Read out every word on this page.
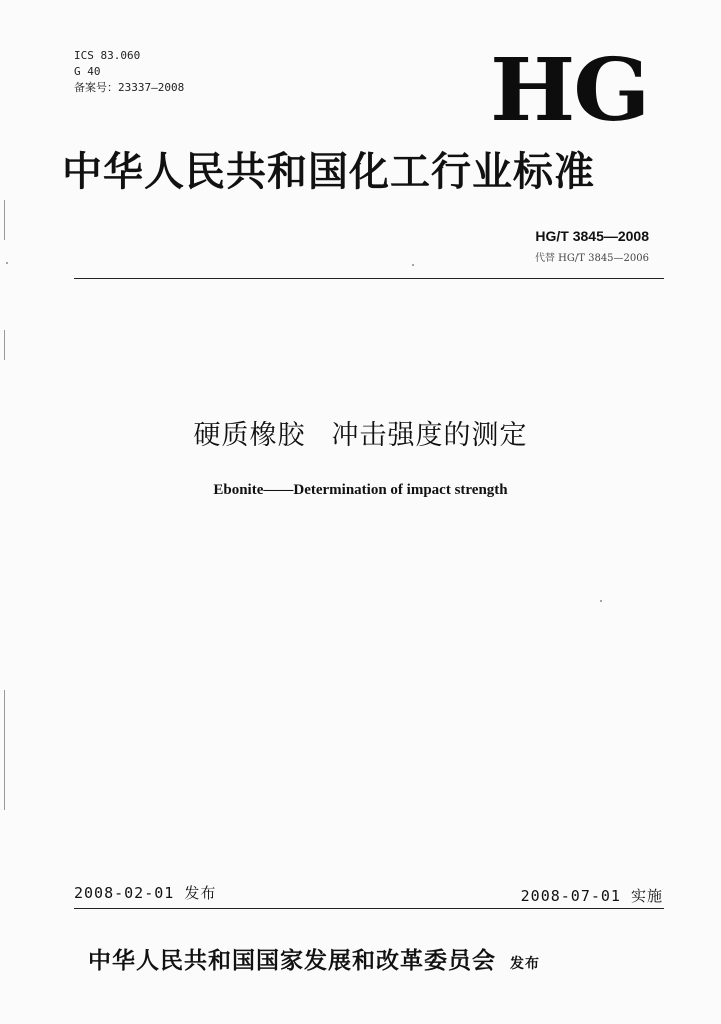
ICS 83.060
G 40
备案号：23337—2008	HG
中华人民共和国化工行业标准
HG/T 3845—2008
代替 HG/T 3845—2006
硬质橡胶 冲击强度的测定
Ebonite——Determination of impact strength
2008-02-01 发布	2008-07-01 实施
中华人民共和国国家发展和改革委员会 发布
